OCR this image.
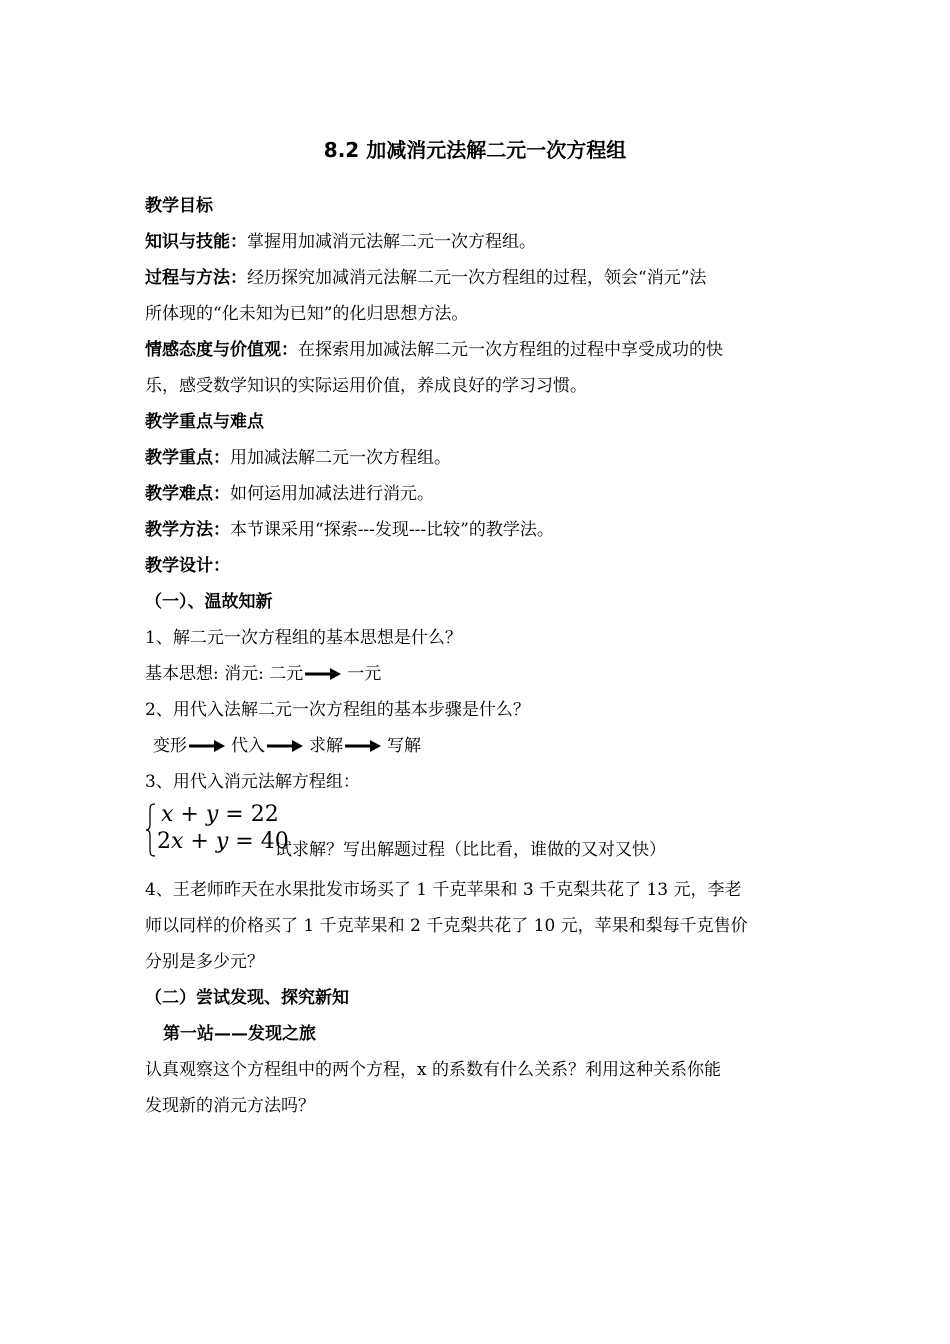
8.2 加减消元法解二元一次方程组
教学目标
知识与技能：掌握用加减消元法解二元一次方程组。
过程与方法：经历探究加减消元法解二元一次方程组的过程，领会“消元”法
所体现的“化未知为已知”的化归思想方法。
情感态度与价值观：在探索用加减法解二元一次方程组的过程中享受成功的快
乐，感受数学知识的实际运用价值，养成良好的学习习惯。
教学重点与难点
教学重点：用加减法解二元一次方程组。
教学难点：如何运用加减法进行消元。
教学方法：本节课采用“探索---发现---比较”的教学法。
教学设计：
（一）、温故知新
1、解二元一次方程组的基本思想是什么？
基本思想: 消元: 二元	一元
2、用代入法解二元一次方程组的基本步骤是什么？
变形	代入	求解	写解
3、用代入消元法解方程组：
x + y = 22
2x + y = 40
试求解？写出解题过程（比比看，谁做的又对又快）
4、王老师昨天在水果批发市场买了 1 千克苹果和 3 千克梨共花了 13 元，李老
师以同样的价格买了 1 千克苹果和 2 千克梨共花了 10 元，苹果和梨每千克售价
分别是多少元？
（二）尝试发现、探究新知
第一站——发现之旅
认真观察这个方程组中的两个方程，x 的系数有什么关系？利用这种关系你能
发现新的消元方法吗？
